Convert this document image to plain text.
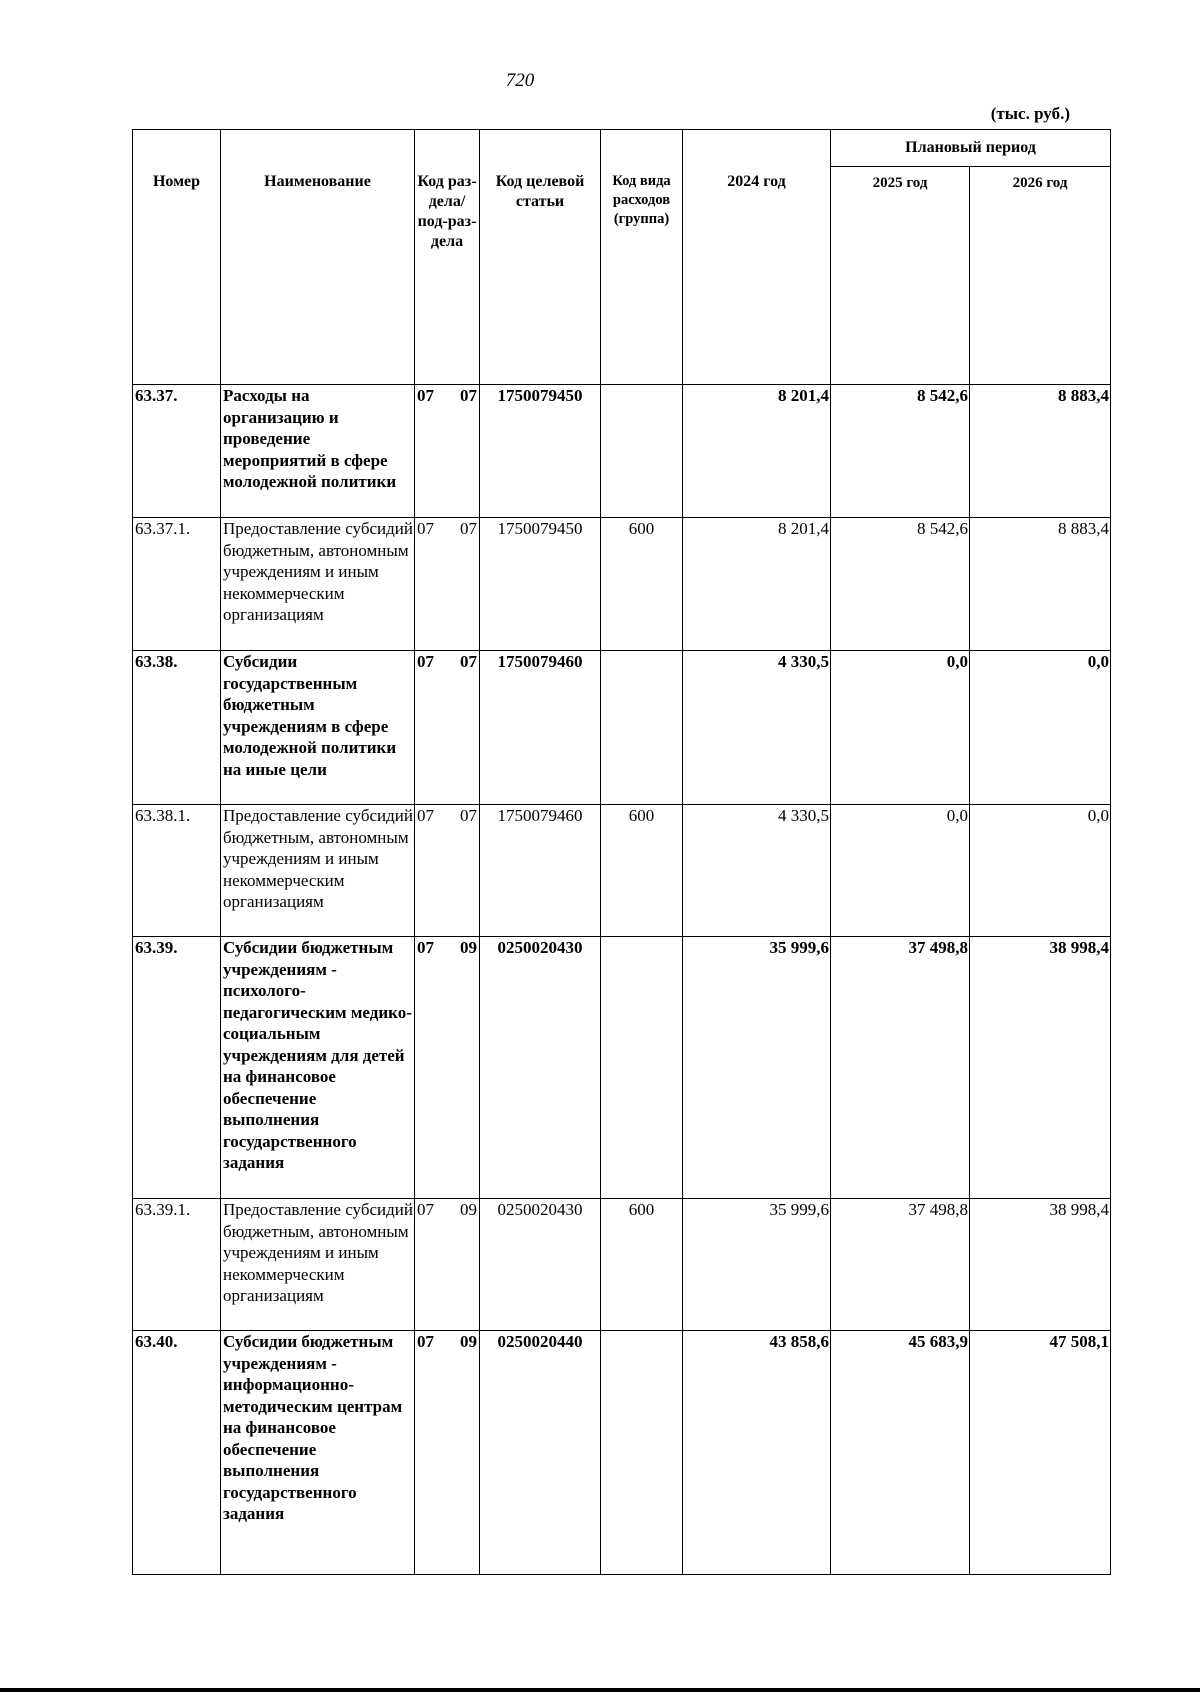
720
(тыс. руб.)
Номер	Наименование	Код раз-дела/ под-раз-дела	Код целевой статьи	Код вида расходов (группа)	2024 год	Плановый период	
						2025 год	2026 год
63.37.	Расходы на организацию и проведение мероприятий в сфере молодежной политики	07 07	1750079450		8 201,4	8 542,6	8 883,4
63.37.1.	Предоставление субсидий бюджетным, автономным учреждениям и иным некоммерческим организациям	07 07	1750079450	600	8 201,4	8 542,6	8 883,4
63.38.	Субсидии государственным бюджетным учреждениям в сфере молодежной политики на иные цели	07 07	1750079460		4 330,5	0,0	0,0
63.38.1.	Предоставление субсидий бюджетным, автономным учреждениям и иным некоммерческим организациям	07 07	1750079460	600	4 330,5	0,0	0,0
63.39.	Субсидии бюджетным учреждениям - психолого-педагогическим медико-социальным учреждениям для детей на финансовое обеспечение выполнения государственного задания	07 09	0250020430		35 999,6	37 498,8	38 998,4
63.39.1.	Предоставление субсидий бюджетным, автономным учреждениям и иным некоммерческим организациям	07 09	0250020430	600	35 999,6	37 498,8	38 998,4
63.40.	Субсидии бюджетным учреждениям - информационно-методическим центрам на финансовое обеспечение выполнения государственного задания	07 09	0250020440		43 858,6	45 683,9	47 508,1
